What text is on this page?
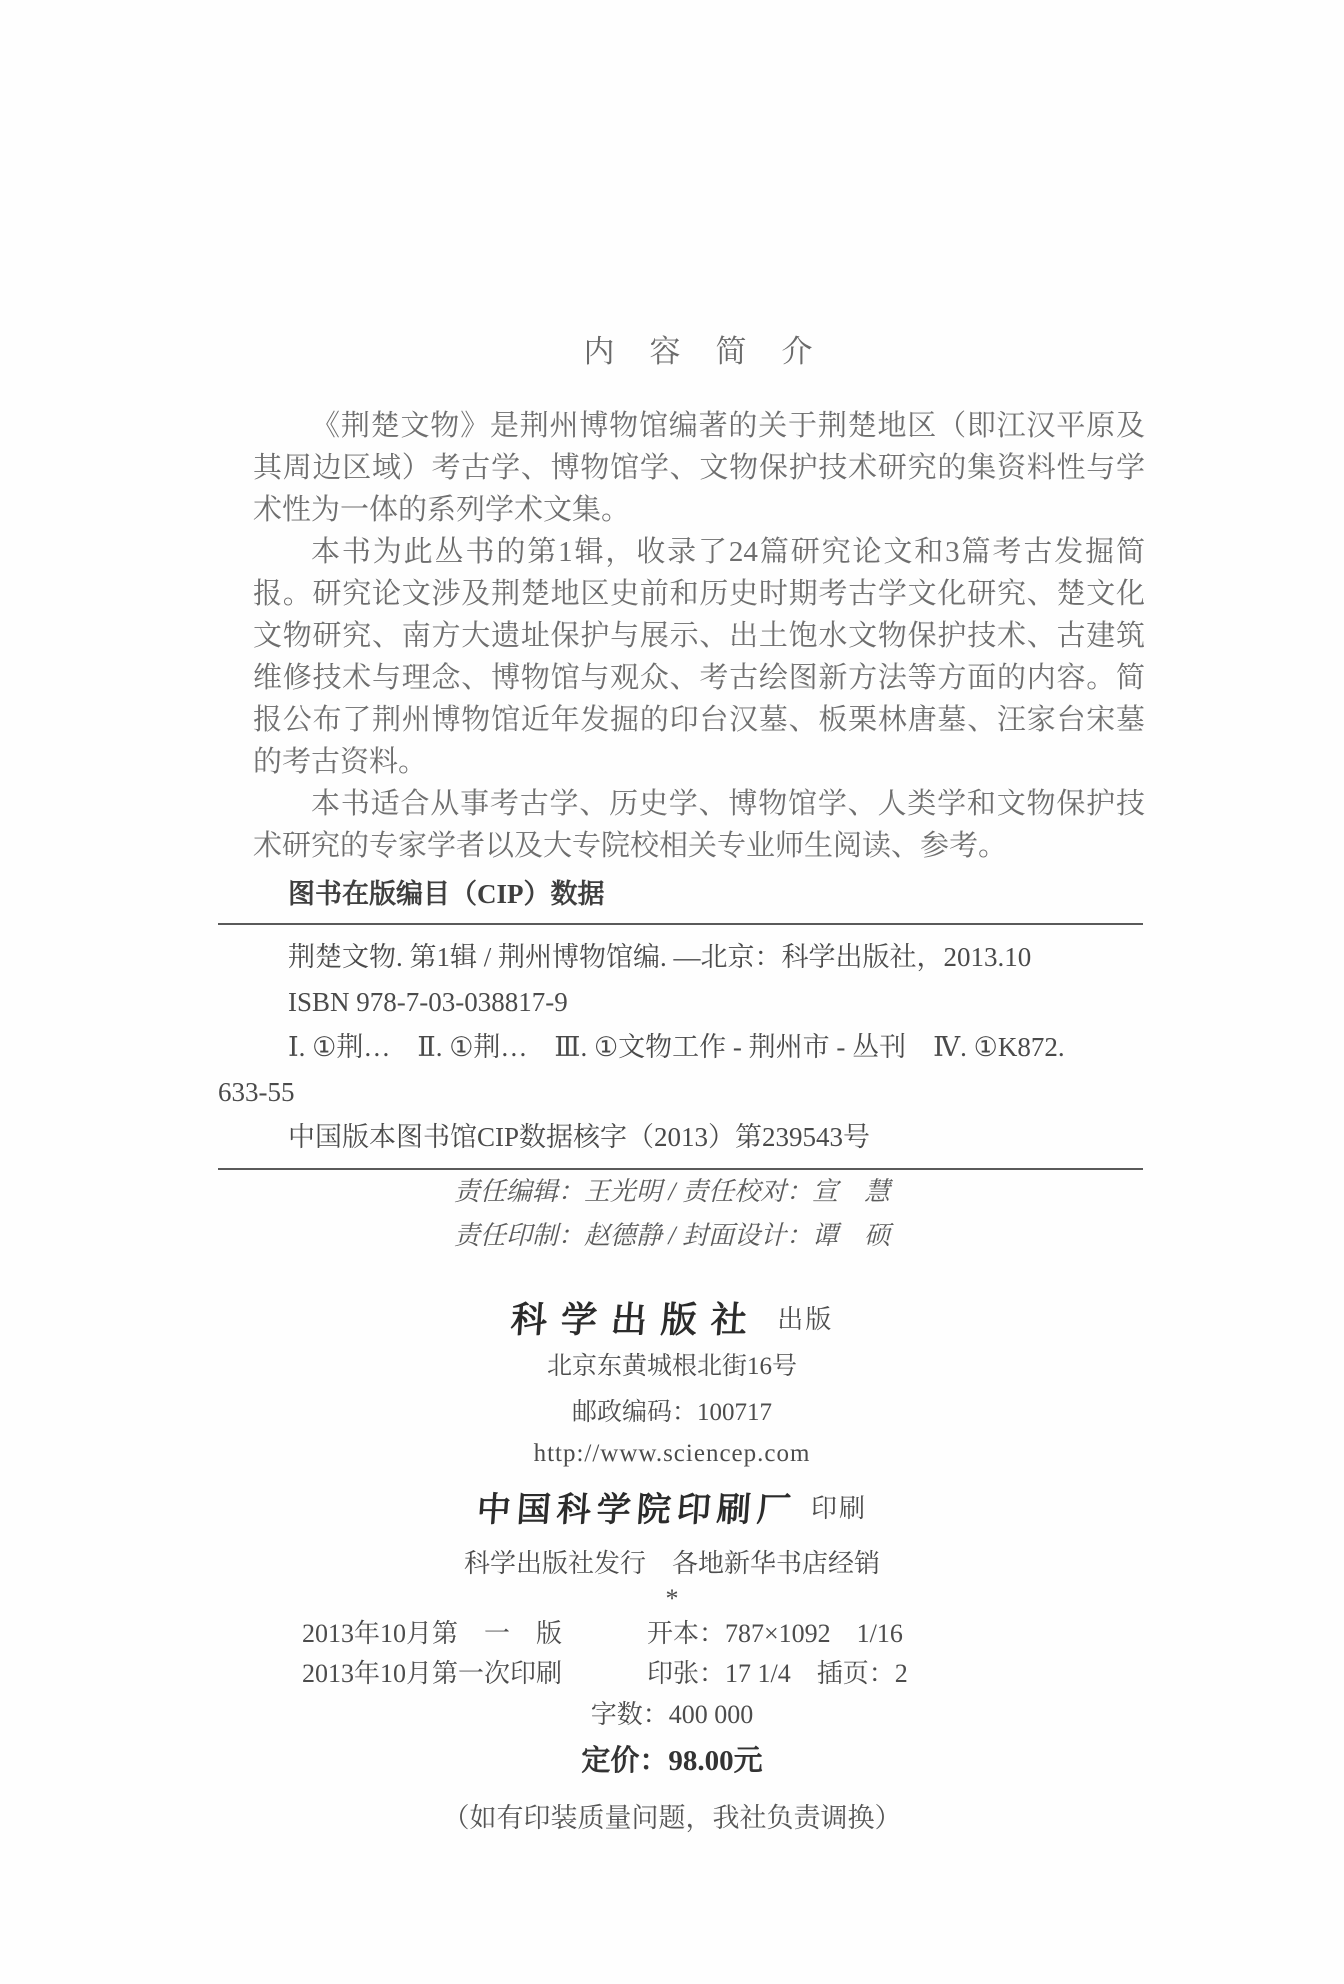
内　容　简　介

《荆楚文物》是荆州博物馆编著的关于荆楚地区（即江汉平原及其周边区域）考古学、博物馆学、文物保护技术研究的集资料性与学术性为一体的系列学术文集。

本书为此丛书的第1辑，收录了24篇研究论文和3篇考古发掘简报。研究论文涉及荆楚地区史前和历史时期考古学文化研究、楚文化文物研究、南方大遗址保护与展示、出土饱水文物保护技术、古建筑维修技术与理念、博物馆与观众、考古绘图新方法等方面的内容。简报公布了荆州博物馆近年发掘的印台汉墓、板栗林唐墓、汪家台宋墓的考古资料。

本书适合从事考古学、历史学、博物馆学、人类学和文物保护技术研究的专家学者以及大专院校相关专业师生阅读、参考。

图书在版编目（CIP）数据
荆楚文物. 第1辑 / 荆州博物馆编. —北京：科学出版社，2013.10
ISBN 978-7-03-038817-9
Ⅰ. ①荆…　Ⅱ. ①荆…　Ⅲ. ①文物工作 - 荆州市 - 丛刊　Ⅳ. ①K872.
633-55
中国版本图书馆CIP数据核字（2013）第239543号
责任编辑：王光明 / 责任校对：宣　慧
责任印制：赵德静 / 封面设计：谭　硕
科学出版社 出版
北京东黄城根北街16号
邮政编码：100717
http://www.sciencep.com
中国科学院印刷厂 印刷
科学出版社发行　各地新华书店经销
*
2013年10月第　一　版	开本：787×1092　1/16
2013年10月第一次印刷	印张：17 1/4　插页：2
字数：400 000
定价：98.00元
（如有印装质量问题，我社负责调换）
